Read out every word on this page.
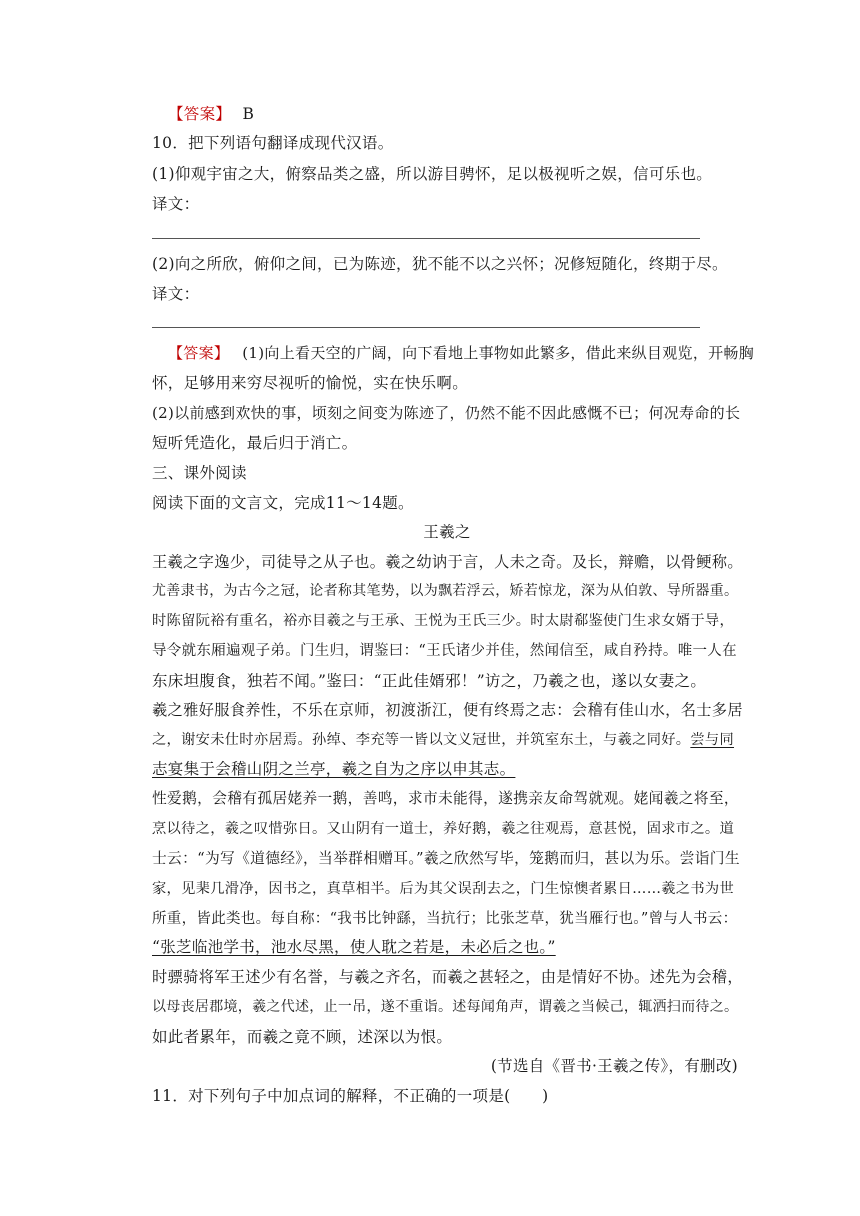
【答案】 B
10．把下列语句翻译成现代汉语。
(1)仰观宇宙之大，俯察品类之盛，所以游目骋怀，足以极视听之娱，信可乐也。
译文：
(2)向之所欣，俯仰之间，已为陈迹，犹不能不以之兴怀；况修短随化，终期于尽。
译文：
【答案】 (1)向上看天空的广阔，向下看地上事物如此繁多，借此来纵目观览，开畅胸
怀，足够用来穷尽视听的愉悦，实在快乐啊。
(2)以前感到欢快的事，顷刻之间变为陈迹了，仍然不能不因此感慨不已；何况寿命的长
短听凭造化，最后归于消亡。
三、课外阅读
阅读下面的文言文，完成11～14题。
王羲之
王羲之字逸少，司徒导之从子也。羲之幼讷于言，人未之奇。及长，辩赡，以骨鲠称。
尤善隶书，为古今之冠，论者称其笔势，以为飘若浮云，矫若惊龙，深为从伯敦、导所器重。
时陈留阮裕有重名，裕亦目羲之与王承、王悦为王氏三少。时太尉郗鉴使门生求女婿于导，
导令就东厢遍观子弟。门生归，谓鉴曰：“王氏诸少并佳，然闻信至，咸自矜持。唯一人在
东床坦腹食，独若不闻。”鉴曰：“正此佳婿邪！”访之，乃羲之也，遂以女妻之。
羲之雅好服食养性，不乐在京师，初渡浙江，便有终焉之志：会稽有佳山水，名士多居
之，谢安未仕时亦居焉。孙绰、李充等一皆以文义冠世，并筑室东土，与羲之同好。尝与同
志宴集于会稽山阴之兰亭，羲之自为之序以申其志。
性爱鹅，会稽有孤居姥养一鹅，善鸣，求市未能得，遂携亲友命驾就观。姥闻羲之将至，
烹以待之，羲之叹惜弥日。又山阴有一道士，养好鹅，羲之往观焉，意甚悦，固求市之。道
士云：“为写《道德经》，当举群相赠耳。”羲之欣然写毕，笼鹅而归，甚以为乐。尝诣门生
家，见棐几滑净，因书之，真草相半。后为其父误刮去之，门生惊懊者累日……羲之书为世
所重，皆此类也。每自称：“我书比钟繇，当抗行；比张芝草，犹当雁行也。”曾与人书云：
“张芝临池学书，池水尽黑，使人耽之若是，未必后之也。”
时骠骑将军王述少有名誉，与羲之齐名，而羲之甚轻之，由是情好不协。述先为会稽，
以母丧居郡境，羲之代述，止一吊，遂不重诣。述每闻角声，谓羲之当候己，辄洒扫而待之。
如此者累年，而羲之竟不顾，述深以为恨。
(节选自《晋书·王羲之传》，有删改)
11．对下列句子中加点词的解释，不正确的一项是(　　)
